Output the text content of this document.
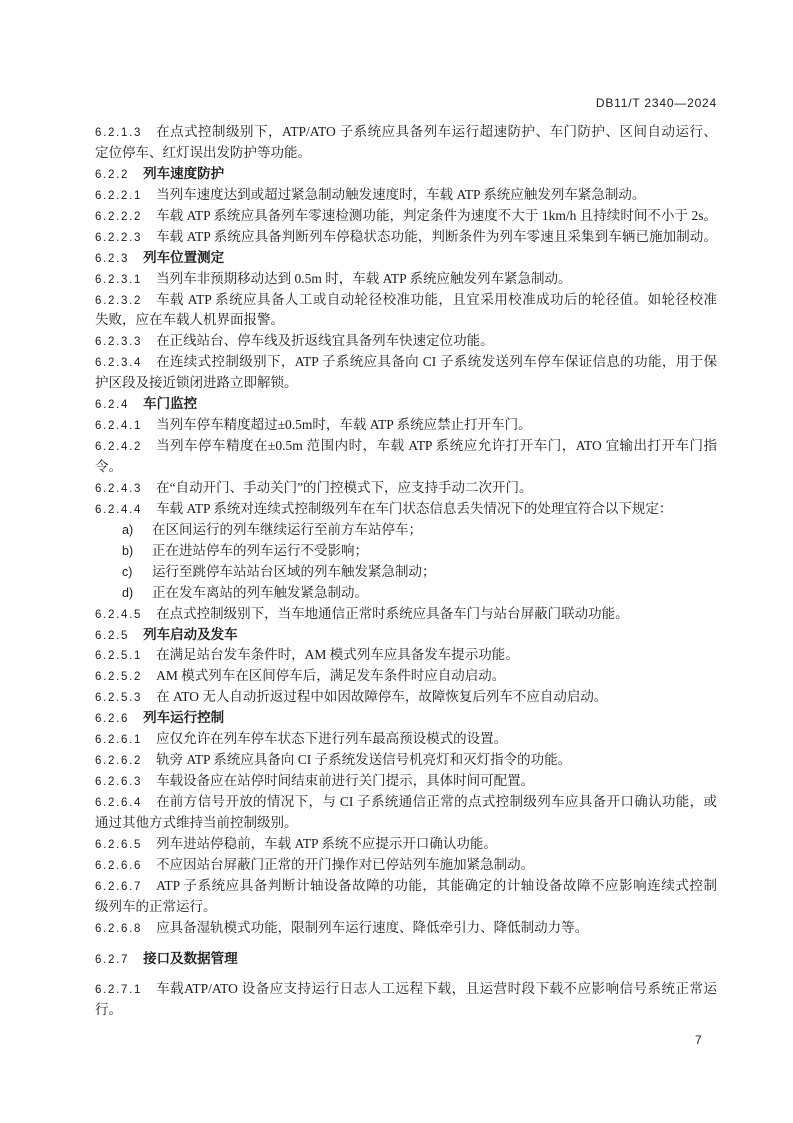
DB11/T 2340—2024
6.2.1.3 在点式控制级别下，ATP/ATO 子系统应具备列车运行超速防护、车门防护、区间自动运行、
定位停车、红灯误出发防护等功能。
6.2.2 列车速度防护
6.2.2.1 当列车速度达到或超过紧急制动触发速度时，车载 ATP 系统应触发列车紧急制动。
6.2.2.2 车载 ATP 系统应具备列车零速检测功能，判定条件为速度不大于 1km/h 且持续时间不小于 2s。
6.2.2.3 车载 ATP 系统应具备判断列车停稳状态功能，判断条件为列车零速且采集到车辆已施加制动。
6.2.3 列车位置测定
6.2.3.1 当列车非预期移动达到 0.5m 时，车载 ATP 系统应触发列车紧急制动。
6.2.3.2 车载 ATP 系统应具备人工或自动轮径校准功能，且宜采用校准成功后的轮径值。如轮径校准
失败，应在车载人机界面报警。
6.2.3.3 在正线站台、停车线及折返线宜具备列车快速定位功能。
6.2.3.4 在连续式控制级别下，ATP 子系统应具备向 CI 子系统发送列车停车保证信息的功能，用于保
护区段及接近锁闭进路立即解锁。
6.2.4 车门监控
6.2.4.1 当列车停车精度超过±0.5m时，车载 ATP 系统应禁止打开车门。
6.2.4.2 当列车停车精度在±0.5m 范围内时，车载 ATP 系统应允许打开车门，ATO 宜输出打开车门指
令。
6.2.4.3 在“自动开门、手动关门”的门控模式下，应支持手动二次开门。
6.2.4.4 车载 ATP 系统对连续式控制级列车在车门状态信息丢失情况下的处理宜符合以下规定：
a)	在区间运行的列车继续运行至前方车站停车；
b)	正在进站停车的列车运行不受影响；
c)	运行至跳停车站站台区域的列车触发紧急制动；
d)	正在发车离站的列车触发紧急制动。
6.2.4.5 在点式控制级别下，当车地通信正常时系统应具备车门与站台屏蔽门联动功能。
6.2.5 列车启动及发车
6.2.5.1 在满足站台发车条件时，AM 模式列车应具备发车提示功能。
6.2.5.2 AM 模式列车在区间停车后，满足发车条件时应自动启动。
6.2.5.3 在 ATO 无人自动折返过程中如因故障停车，故障恢复后列车不应自动启动。
6.2.6 列车运行控制
6.2.6.1 应仅允许在列车停车状态下进行列车最高预设模式的设置。
6.2.6.2 轨旁 ATP 系统应具备向 CI 子系统发送信号机亮灯和灭灯指令的功能。
6.2.6.3 车载设备应在站停时间结束前进行关门提示，具体时间可配置。
6.2.6.4 在前方信号开放的情况下，与 CI 子系统通信正常的点式控制级列车应具备开口确认功能，或
通过其他方式维持当前控制级别。
6.2.6.5 列车进站停稳前，车载 ATP 系统不应提示开口确认功能。
6.2.6.6 不应因站台屏蔽门正常的开门操作对已停站列车施加紧急制动。
6.2.6.7 ATP 子系统应具备判断计轴设备故障的功能，其能确定的计轴设备故障不应影响连续式控制
级列车的正常运行。
6.2.6.8 应具备湿轨模式功能，限制列车运行速度、降低牵引力、降低制动力等。
6.2.7 接口及数据管理
6.2.7.1 车载ATP/ATO 设备应支持运行日志人工远程下载，且运营时段下载不应影响信号系统正常运
行。
7
